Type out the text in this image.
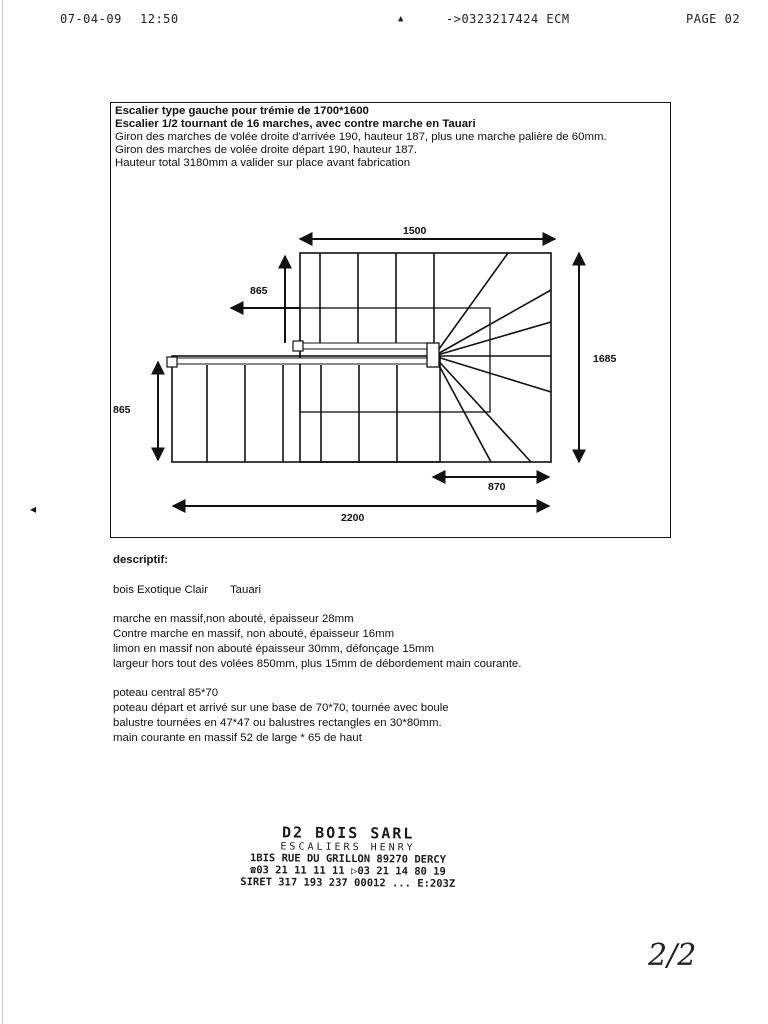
07-04-09 12:50	▲	->0323217424 ECM	PAGE 02
◂
Escalier type gauche pour trémie de 1700*1600
Escalier 1/2 tournant de 16 marches, avec contre marche en Tauari
Giron des marches de volée droite d'arrivée 190, hauteur 187, plus une marche palière de 60mm.
Giron des marches de volée droite départ 190, hauteur 187.
Hauteur total 3180mm a valider sur place avant fabrication
1500
865
1685
865
870
2200
descriptif:
bois Exotique Clair Tauari
marche en massif,non abouté, épaisseur 28mm
Contre marche en massif, non abouté, épaisseur 16mm
limon en massif non abouté épaisseur 30mm, défonçage 15mm
largeur hors tout des volées 850mm, plus 15mm de débordement main courante.
poteau central 85*70
poteau départ et arrivé sur une base de 70*70, tournée avec boule
balustre tournées en 47*47 ou balustres rectangles en 30*80mm.
main courante en massif 52 de large * 65 de haut
D2 BOIS SARL
ESCALIERS HENRY
1BIS RUE DU GRILLON 89270 DERCY
☎03 21 11 11 11 ▷03 21 14 80 19
SIRET 317 193 237 00012 ... E:203Z
2/2
